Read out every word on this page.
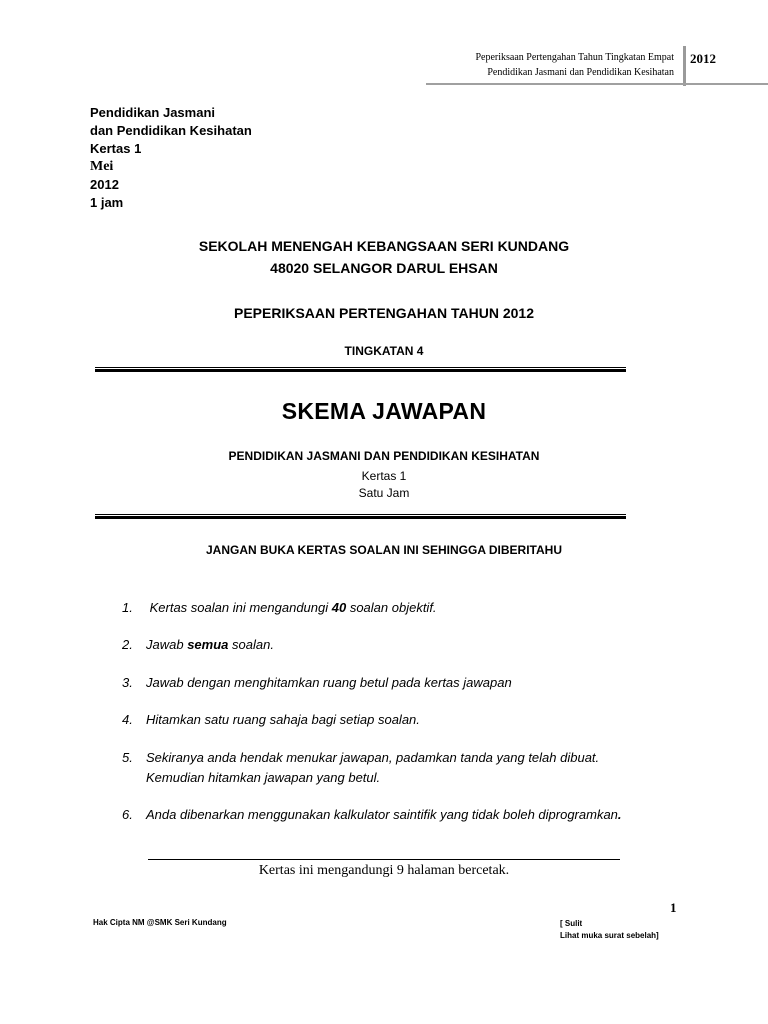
Peperiksaan Pertengahan Tahun Tingkatan Empat
Pendidikan Jasmani dan Pendidikan Kesihatan
2012
Pendidikan Jasmani
dan Pendidikan Kesihatan
Kertas 1
Mei
2012
1 jam
SEKOLAH MENENGAH KEBANGSAAN SERI KUNDANG
48020 SELANGOR DARUL EHSAN
PEPERIKSAAN PERTENGAHAN TAHUN 2012
TINGKATAN 4
SKEMA JAWAPAN
PENDIDIKAN JASMANI DAN PENDIDIKAN KESIHATAN
Kertas 1
Satu Jam
JANGAN BUKA KERTAS SOALAN INI SEHINGGA DIBERITAHU
1. Kertas soalan ini mengandungi 40 soalan objektif.
2. Jawab semua soalan.
3. Jawab dengan menghitamkan ruang betul pada kertas jawapan
4. Hitamkan satu ruang sahaja bagi setiap soalan.
5. Sekiranya anda hendak menukar jawapan, padamkan tanda yang telah dibuat.
Kemudian hitamkan jawapan yang betul.
6. Anda dibenarkan menggunakan kalkulator saintifik yang tidak boleh diprogramkan.
Kertas ini mengandungi 9 halaman bercetak.
1
Hak Cipta NM @SMK Seri Kundang	[ Sulit
Lihat muka surat sebelah]
